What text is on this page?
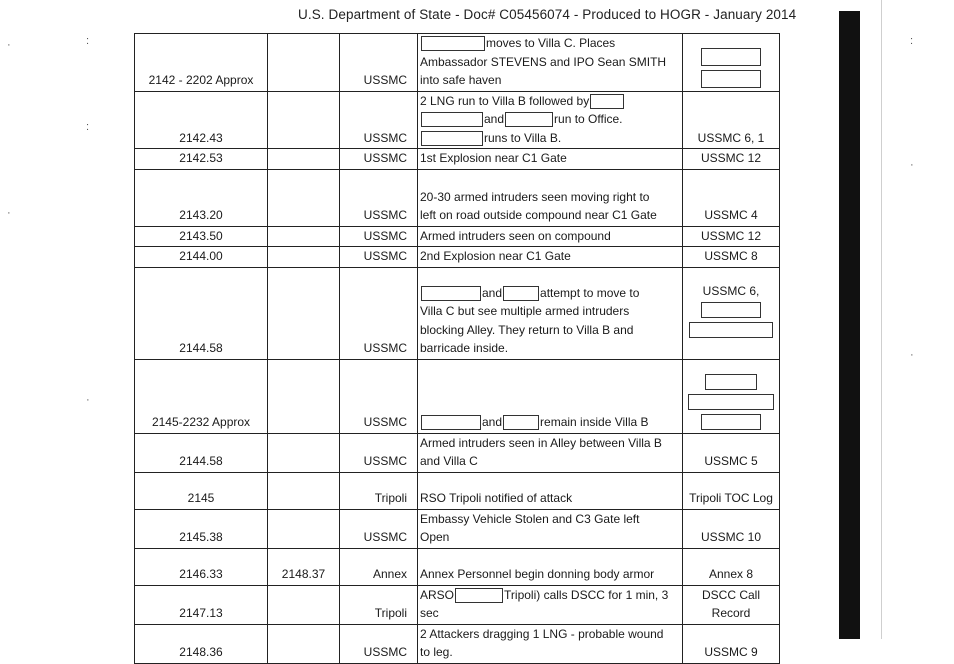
U.S. Department of State - Doc# C05456074 - Produced to HOGR - January 2014
·	:
:
·
·
:
·
·
2142 - 2202 Approx		USSMC	moves to Villa C. Places
Ambassador STEVENS and IPO Sean SMITH
into safe haven	

2142.43		USSMC	2 LNG run to Villa B followed by
and run to Office.
runs to Villa B.	USSMC 6, 1
2142.53		USSMC	1st Explosion near C1 Gate	USSMC 12
2143.20		USSMC	20-30 armed intruders seen moving right to
left on road outside compound near C1 Gate	USSMC 4
2143.50		USSMC	Armed intruders seen on compound	USSMC 12
2144.00		USSMC	2nd Explosion near C1 Gate	USSMC 8
2144.58		USSMC	and attempt to move to
Villa C but see multiple armed intruders
blocking Alley. They return to Villa B and
barricade inside.	USSMC 6,

2145-2232 Approx		USSMC	and remain inside Villa B	

2144.58		USSMC	Armed intruders seen in Alley between Villa B
and Villa C	USSMC 5
2145		Tripoli	RSO Tripoli notified of attack	Tripoli TOC Log
2145.38		USSMC	Embassy Vehicle Stolen and C3 Gate left
Open	USSMC 10
2146.33	2148.37	Annex	Annex Personnel begin donning body armor	Annex 8
2147.13		Tripoli	ARSO Tripoli) calls DSCC for 1 min, 3
sec	DSCC Call
Record

2148.36		USSMC	2 Attackers dragging 1 LNG - probable wound
to leg.	USSMC 9
